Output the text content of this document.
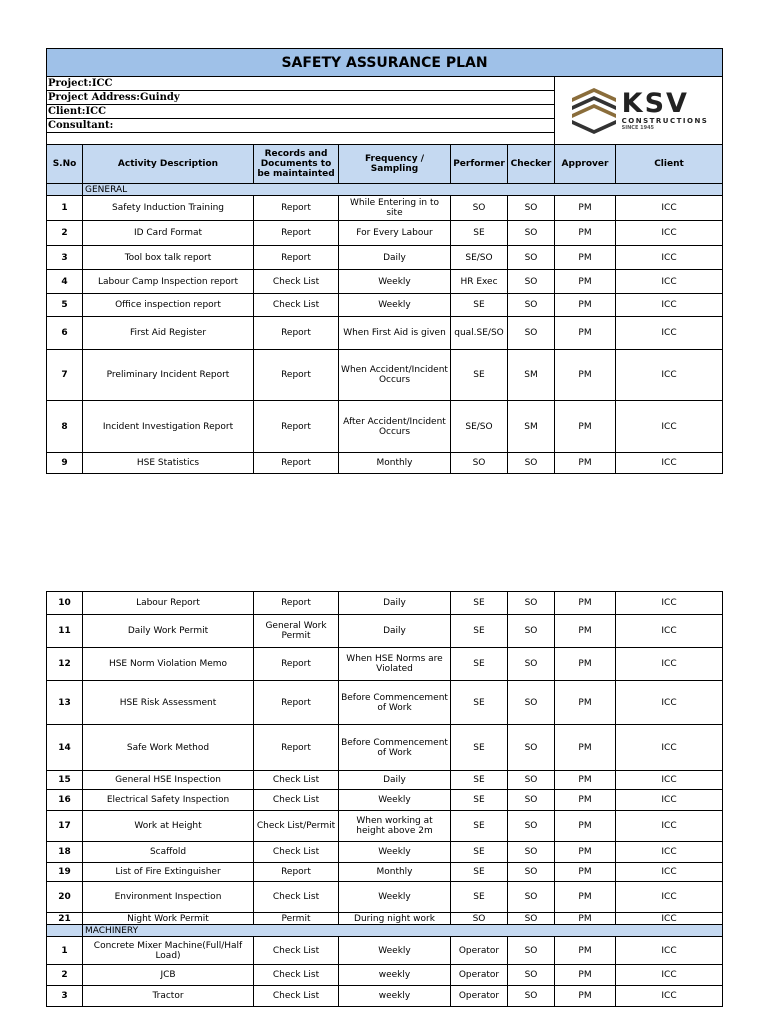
SAFETY ASSURANCE PLAN							
Project:ICC						KSV
CONSTRUCTIONS
SINCE 1945	

Project Address:Guindy							
Client:ICC							
Consultant:							

S.No	Activity Description	Records and Documents to be maintainted	Frequency / Sampling	Performer	Checker	Approver	Client
	GENERAL						
1	Safety Induction Training	Report	While Entering in to site	SO	SO	PM	ICC
2	ID Card Format	Report	For Every Labour	SE	SO	PM	ICC
3	Tool box talk report	Report	Daily	SE/SO	SO	PM	ICC
4	Labour Camp Inspection report	Check List	Weekly	HR Exec	SO	PM	ICC
5	Office inspection report	Check List	Weekly	SE	SO	PM	ICC
6	First Aid Register	Report	When First Aid is given	qual.SE/SO	SO	PM	ICC
7	Preliminary Incident Report	Report	When Accident/Incident Occurs	SE	SM	PM	ICC
8	Incident Investigation Report	Report	After Accident/Incident Occurs	SE/SO	SM	PM	ICC
9	HSE Statistics	Report	Monthly	SO	SO	PM	ICC
10	Labour Report	Report	Daily	SE	SO	PM	ICC
11	Daily Work Permit	General Work Permit	Daily	SE	SO	PM	ICC
12	HSE Norm Violation Memo	Report	When HSE Norms are Violated	SE	SO	PM	ICC
13	HSE Risk Assessment	Report	Before Commencement of Work	SE	SO	PM	ICC
14	Safe Work Method	Report	Before Commencement of Work	SE	SO	PM	ICC
15	General HSE Inspection	Check List	Daily	SE	SO	PM	ICC
16	Electrical Safety Inspection	Check List	Weekly	SE	SO	PM	ICC
17	Work at Height	Check List/Permit	When working at height above 2m	SE	SO	PM	ICC
18	Scaffold	Check List	Weekly	SE	SO	PM	ICC
19	List of Fire Extinguisher	Report	Monthly	SE	SO	PM	ICC
20	Environment Inspection	Check List	Weekly	SE	SO	PM	ICC
21	Night Work Permit	Permit	During night work	SO	SO	PM	ICC
	MACHINERY						
1	Concrete Mixer Machine(Full/Half Load)	Check List	Weekly	Operator	SO	PM	ICC
2	JCB	Check List	weekly	Operator	SO	PM	ICC
3	Tractor	Check List	weekly	Operator	SO	PM	ICC
